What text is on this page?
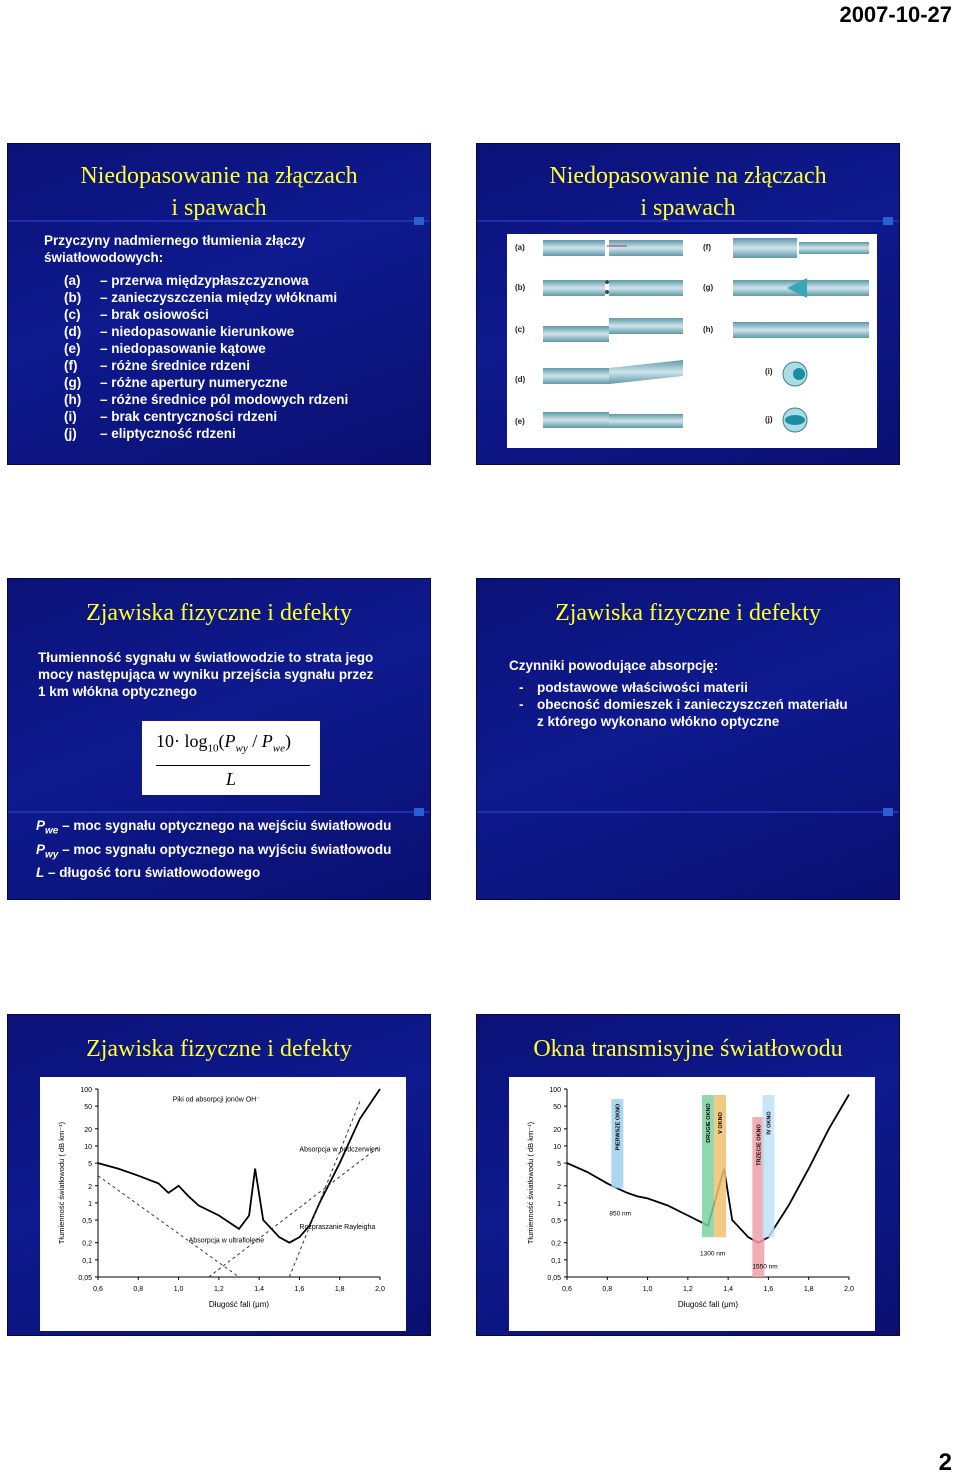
2007-10-27
Niedopasowanie na złączach
i spawach
Przyczyny nadmiernego tłumienia złączy
światłowodowych:
(a) – przerwa międzypłaszczyznowa
(b) – zanieczyszczenia między włóknami
(c) – brak osiowości
(d) – niedopasowanie kierunkowe
(e) – niedopasowanie kątowe
(f) – różne średnice rdzeni
(g) – różne apertury numeryczne
(h) – różne średnice pól modowych rdzeni
(i) – brak centryczności rdzeni
(j) – eliptyczność rdzeni
Niedopasowanie na złączach
i spawach
(a)
(b)
(c)
(d)
(e)
(f)
(g)
(h)
(i)
(j)
Zjawiska fizyczne i defekty
Tłumienność sygnału w światłowodzie to strata jego
mocy następująca w wyniku przejścia sygnału przez
1 km włókna optycznego
$10\cdot \log_{10}(P_{wy} / P_{we})$
L
$P_{we}$ – moc sygnału optycznego na wejściu światłowodu
$P_{wy}$ – moc sygnału optycznego na wyjściu światłowodu
L – długość toru światłowodowego
Zjawiska fizyczne i defekty
Czynniki powodujące absorpcję:
- podstawowe właściwości materii
- obecność domieszek i zanieczyszczeń materiału
z którego wykonano włókno optyczne
Zjawiska fizyczne i defekty
100
50
20
10
5
2
1
0,5
0,2
0,1
0,05
0,6	0,8	1,0	1,2	1,4	1,6	1,8	2,0
Długość fali (μm)
Tłumienność światłowodu ( dB km⁻¹)
Piki od absorpcji jonów OH⁻
Absorpcja w podczerwieni
Absorpcja w ultrafiolecie
Rozpraszanie Rayleigha
Okna transmisyjne światłowodu
100
50
20
10
5
2
1
0,5
0,2
0,1
0,05
0,6	0,8	1,0	1,2	1,4	1,6	1,8	2,0
Długość fali (μm)
Tłumienność światłowodu ( dB km⁻¹)	PIERWSZE OKNO	DRUGIE OKNO V OKNO
TRZECIE OKNO
IV OKNO
850 nm
1300 nm
1550 nm
2
